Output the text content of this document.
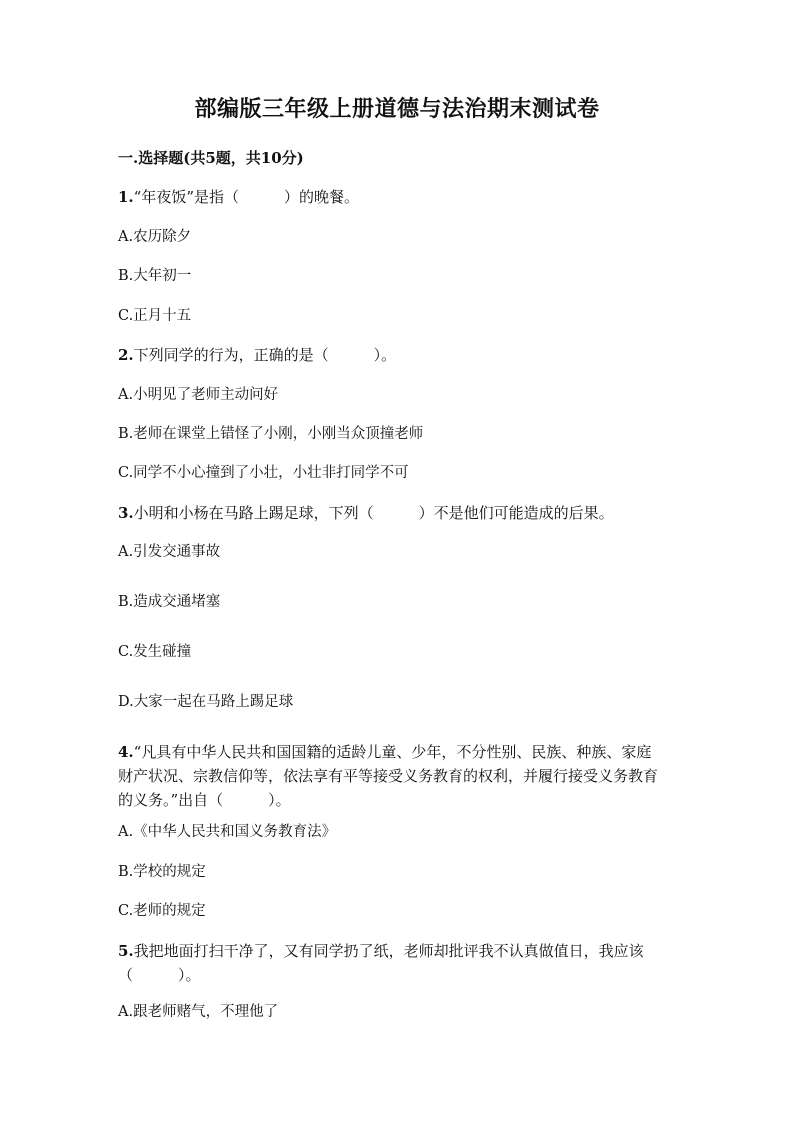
部编版三年级上册道德与法治期末测试卷
一.选择题(共5题，共10分)
1.“年夜饭”是指（　　　）的晚餐。
A.农历除夕
B.大年初一
C.正月十五
2.下列同学的行为，正确的是（　　　）。
A.小明见了老师主动问好
B.老师在课堂上错怪了小刚，小刚当众顶撞老师
C.同学不小心撞到了小壮，小壮非打同学不可
3.小明和小杨在马路上踢足球，下列（　　　）不是他们可能造成的后果。
A.引发交通事故
B.造成交通堵塞
C.发生碰撞
D.大家一起在马路上踢足球
4.“凡具有中华人民共和国国籍的适龄儿童、少年，不分性别、民族、种族、家庭财产状况、宗教信仰等，依法享有平等接受义务教育的权利，并履行接受义务教育的义务。”出自（　　　）。
A.《中华人民共和国义务教育法》
B.学校的规定
C.老师的规定
5.我把地面打扫干净了，又有同学扔了纸，老师却批评我不认真做值日，我应该（　　　）。
A.跟老师赌气，不理他了
